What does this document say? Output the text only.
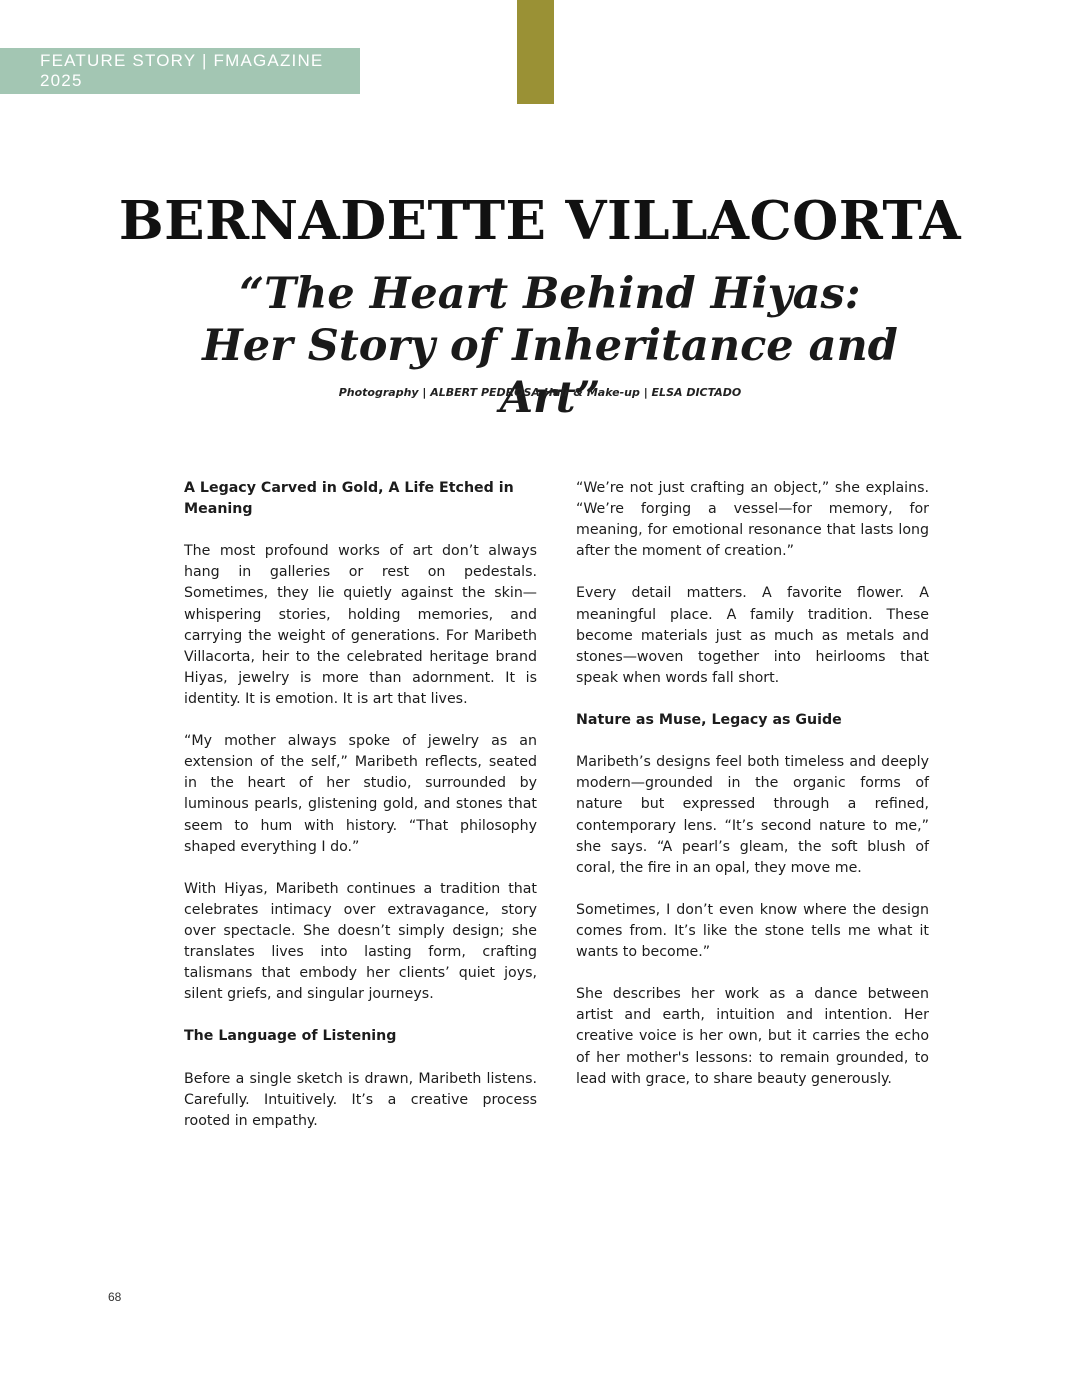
FEATURE STORY | FMAGAZINE 2025
BERNADETTE VILLACORTA
“The Heart Behind Hiyas: Her Story of Inheritance and Art”
Photography | ALBERT PEDROSA Hair & Make-up | ELSA DICTADO
A Legacy Carved in Gold, A Life Etched in Meaning

The most profound works of art don’t always hang in galleries or rest on pedestals. Sometimes, they lie quietly against the skin—whispering stories, holding memories, and carrying the weight of generations. For Maribeth Villacorta, heir to the celebrated heritage brand Hiyas, jewelry is more than adornment. It is identity. It is emotion. It is art that lives.

“My mother always spoke of jewelry as an extension of the self,” Maribeth reflects, seated in the heart of her studio, surrounded by luminous pearls, glistening gold, and stones that seem to hum with history. “That philosophy shaped everything I do.”

With Hiyas, Maribeth continues a tradition that celebrates intimacy over extravagance, story over spectacle. She doesn’t simply design; she translates lives into lasting form, crafting talismans that embody her clients’ quiet joys, silent griefs, and singular journeys.

The Language of Listening

Before a single sketch is drawn, Maribeth listens. Carefully. Intuitively. It’s a creative process rooted in empathy.

“We’re not just crafting an object,” she explains. “We’re forging a vessel—for memory, for meaning, for emotional resonance that lasts long after the moment of creation.”

Every detail matters. A favorite flower. A meaningful place. A family tradition. These become materials just as much as metals and stones—woven together into heirlooms that speak when words fall short.

Nature as Muse, Legacy as Guide

Maribeth’s designs feel both timeless and deeply modern—grounded in the organic forms of nature but expressed through a refined, contemporary lens. “It’s second nature to me,” she says. “A pearl’s gleam, the soft blush of coral, the fire in an opal, they move me.

Sometimes, I don’t even know where the design comes from. It’s like the stone tells me what it wants to become.”

She describes her work as a dance between artist and earth, intuition and intention. Her creative voice is her own, but it carries the echo of her mother's lessons: to remain grounded, to lead with grace, to share beauty generously.

68
